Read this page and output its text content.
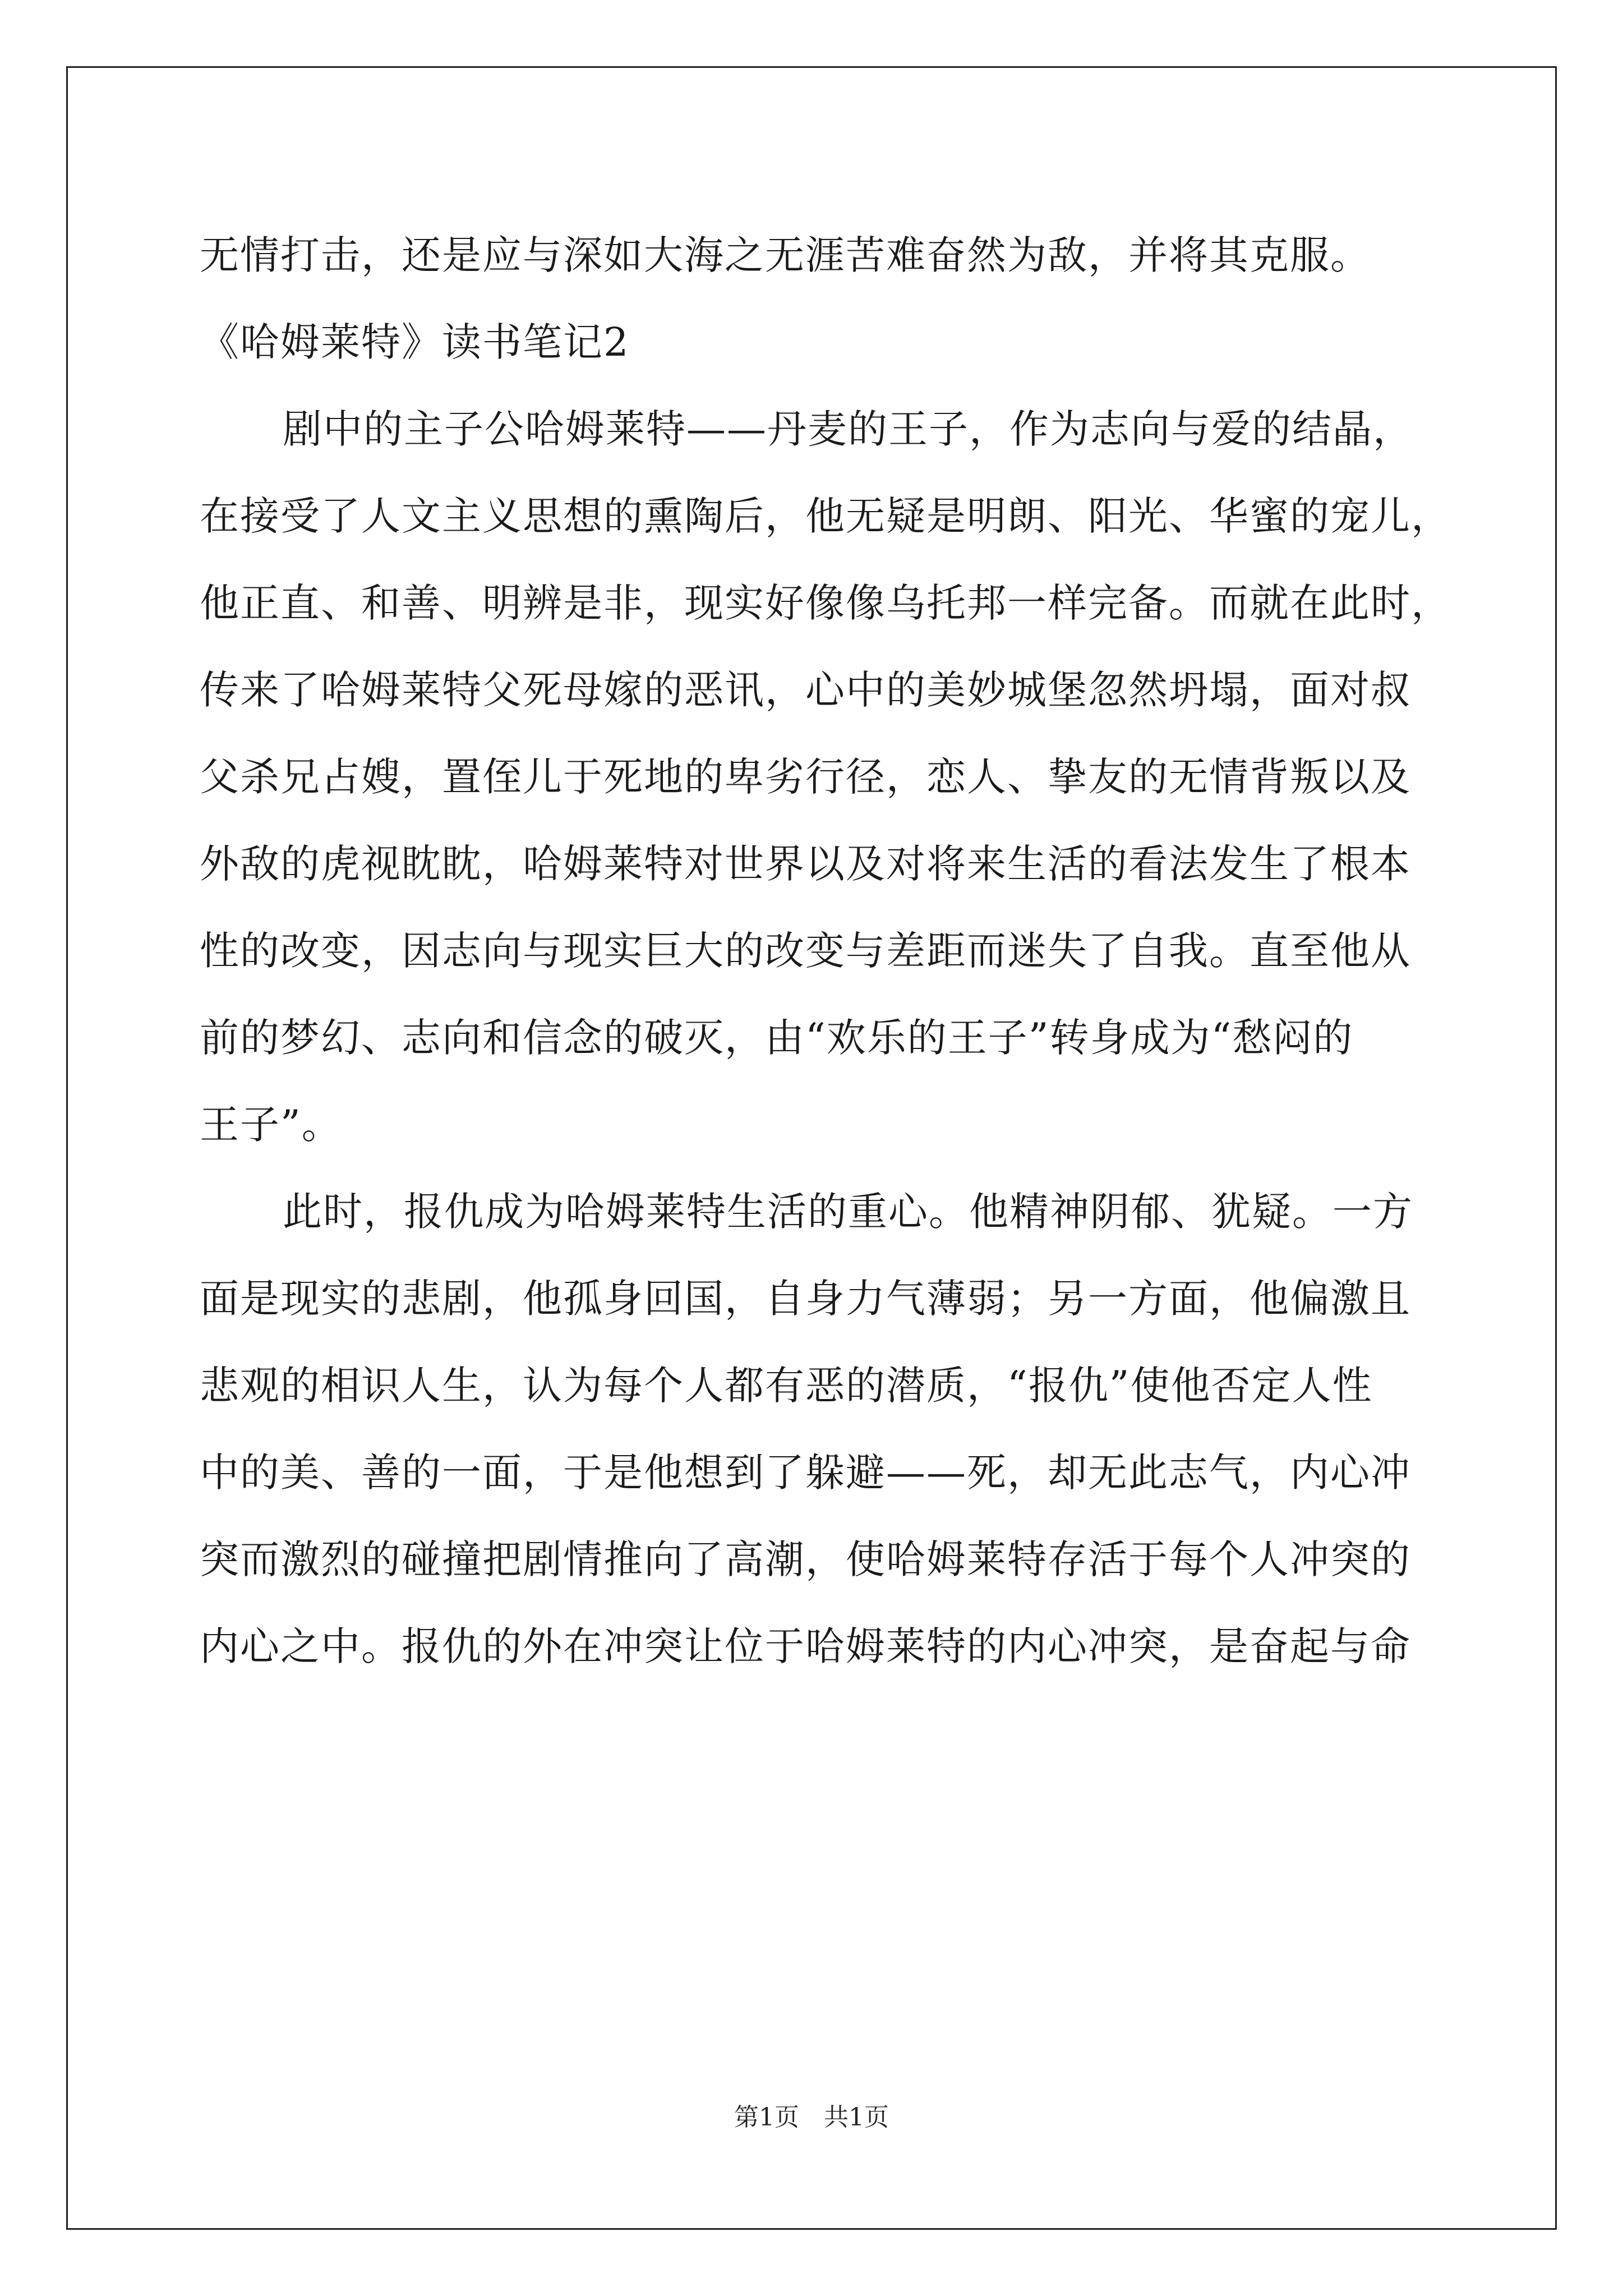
无情打击，还是应与深如大海之无涯苦难奋然为敌，并将其克服。
《哈姆莱特》读书笔记2
剧中的主子公哈姆莱特——丹麦的王子，作为志向与爱的结晶，
在接受了人文主义思想的熏陶后，他无疑是明朗、阳光、华蜜的宠儿，
他正直、和善、明辨是非，现实好像像乌托邦一样完备。而就在此时，
传来了哈姆莱特父死母嫁的恶讯，心中的美妙城堡忽然坍塌，面对叔
父杀兄占嫂，置侄儿于死地的卑劣行径，恋人、挚友的无情背叛以及
外敌的虎视眈眈，哈姆莱特对世界以及对将来生活的看法发生了根本
性的改变，因志向与现实巨大的改变与差距而迷失了自我。直至他从
前的梦幻、志向和信念的破灭，由“欢乐的王子”转身成为“愁闷的
王子”。
此时，报仇成为哈姆莱特生活的重心。他精神阴郁、犹疑。一方
面是现实的悲剧，他孤身回国，自身力气薄弱；另一方面，他偏激且
悲观的相识人生，认为每个人都有恶的潜质，“报仇”使他否定人性
中的美、善的一面，于是他想到了躲避——死，却无此志气，内心冲
突而激烈的碰撞把剧情推向了高潮，使哈姆莱特存活于每个人冲突的
内心之中。报仇的外在冲突让位于哈姆莱特的内心冲突，是奋起与命
第1页　共1页
